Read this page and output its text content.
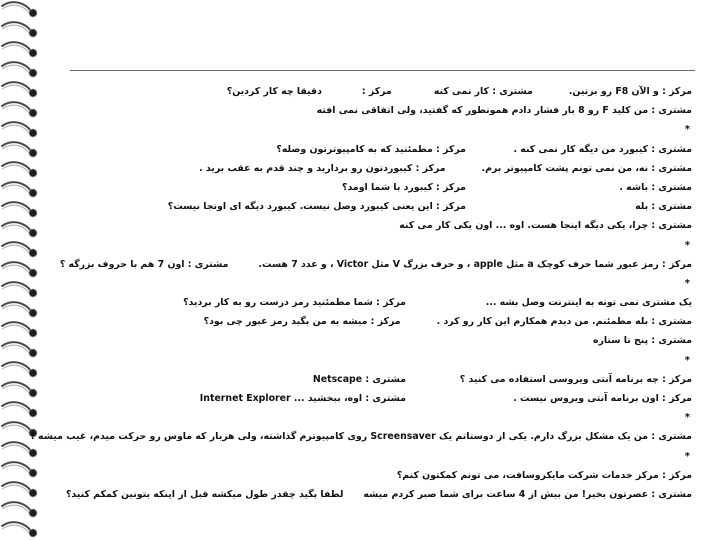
مرکز : و الآن F8 رو بزنین.مشتری : کار نمی کنهمرکز :دقیقا چه کار کردین؟
مشتری : من کلید F رو 8 بار فشار دادم همونطور که گفتید، ولی اتفاقی نمی افته
*
مشتری : کیبورد من دیگه کار نمی کنه .مرکز : مطمئنید که به کامپیوترتون وصله؟
مشتری : نه، من نمی تونم پشت کامپیوتر برم.مرکز : کیبوردتون رو بردارید و چند قدم به عقب برید .
مشتری : باشه .مرکز : کیبورد با شما اومد؟
مشتری : بلهمرکز : این یعنی کیبورد وصل نیست. کیبورد دیگه ای اونجا نیست؟
مشتری : چرا، یکی دیگه اینجا هست. اوه ... اون یکی کار می کنه
*
مرکز : رمز عبور شما حرف کوچک a مثل apple ، و حرف بزرگ V مثل Victor ، و عدد 7 هست.مشتری : اون 7 هم با حروف بزرگه ؟
*
یک مشتری نمی تونه به اینترنت وصل بشه ...مرکز : شما مطمئنید رمز درست رو به کار بردید؟
مشتری : بله مطمئنم. من دیدم همکارم این کار رو کرد .مرکز : میشه به من بگید رمز عبور چی بود؟
مشتری : پنج تا ستاره
*
مرکز : چه برنامه آنتی ویروسی استفاده می کنید ؟مشتری : Netscape
مرکز : اون برنامه آنتی ویروس نیست .مشتری : اوه، ببخشید ... Internet Explorer
*
مشتری : من یک مشکل بزرگ دارم. یکی از دوستانم یک Screensaver روی کامپیوترم گذاشته، ولی هربار که ماوس رو حرکت میدم، غیب میشه !
*
مرکز : مرکز خدمات شرکت مایکروسافت، می تونم کمکتون کنم؟
مشتری : عصرتون بخیر! من بیش از 4 ساعت برای شما صبر کردم میشهلطفا بگید چقدر طول میکشه قبل از اینکه بتونین کمکم کنید؟
